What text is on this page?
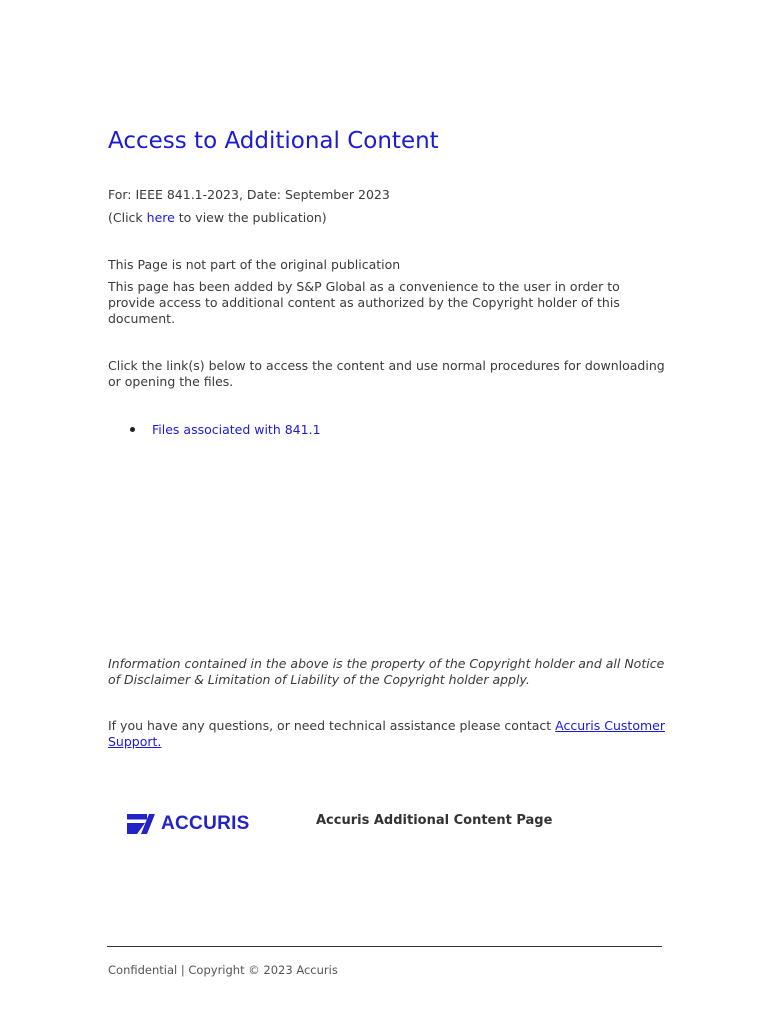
Access to Additional Content
For: IEEE 841.1-2023, Date: September 2023
(Click here to view the publication)
This Page is not part of the original publication
This page has been added by S&P Global as a convenience to the user in order to provide access to additional content as authorized by the Copyright holder of this document.
Click the link(s) below to access the content and use normal procedures for downloading or opening the files.
Files associated with 841.1
Information contained in the above is the property of the Copyright holder and all Notice of Disclaimer & Limitation of Liability of the Copyright holder apply.
If you have any questions, or need technical assistance please contact Accuris Customer Support.
ACCURIS	Accuris Additional Content Page
Confidential | Copyright © 2023 Accuris
